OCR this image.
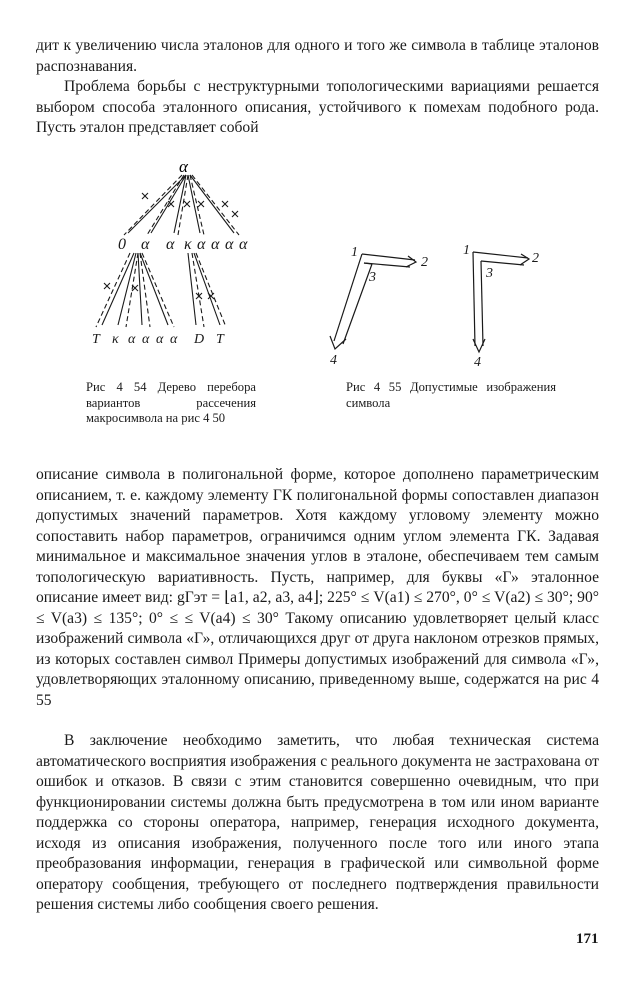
дит к увеличению числа эталонов для одного и того же символа в таблице эталонов распознавания.

Проблема борьбы с неструктурными топологическими вариациями решается выбором способа эталонного описания, устойчивого к помехам подобного рода. Пусть эталон представляет собой

α
0 α α κ α α α α
T κ α α α α D T
1
2
3
4
1
2
3
4

Рис 4 54 Дерево перебора вариантов рассечения макросимвола на рис 4 50

Рис 4 55 Допустимые изображения символа

описание символа в полигональной форме, которое дополнено параметрическим описанием, т. е. каждому элементу ГК полигональной формы сопоставлен диапазон допустимых значений параметров. Хотя каждому угловому элементу можно сопоставить набор параметров, ограничимся одним углом элемента ГК. Задавая минимальное и максимальное значения углов в эталоне, обеспечиваем тем самым топологическую вариативность. Пусть, например, для буквы «Г» эталонное описание имеет вид: gГэт = ⌊a1, a2, a3, a4⌋; 225° ≤ V(a1) ≤ 270°, 0° ≤ V(a2) ≤ 30°; 90° ≤ V(a3) ≤ 135°; 0° ≤ ≤ V(a4) ≤ 30° Такому описанию удовлетворяет целый класс изображений символа «Г», отличающихся друг от друга наклоном отрезков прямых, из которых составлен символ Примеры допустимых изображений для символа «Г», удовлетворяющих эталонному описанию, приведенному выше, содержатся на рис 4 55

В заключение необходимо заметить, что любая техническая система автоматического восприятия изображения с реального документа не застрахована от ошибок и отказов. В связи с этим становится совершенно очевидным, что при функционировании системы должна быть предусмотрена в том или ином варианте поддержка со стороны оператора, например, генерация исходного документа, исходя из описания изображения, полученного после того или иного этапа преобразования информации, генерация в графической или символьной форме оператору сообщения, требующего от последнего подтверждения правильности решения системы либо сообщения своего решения.

171
